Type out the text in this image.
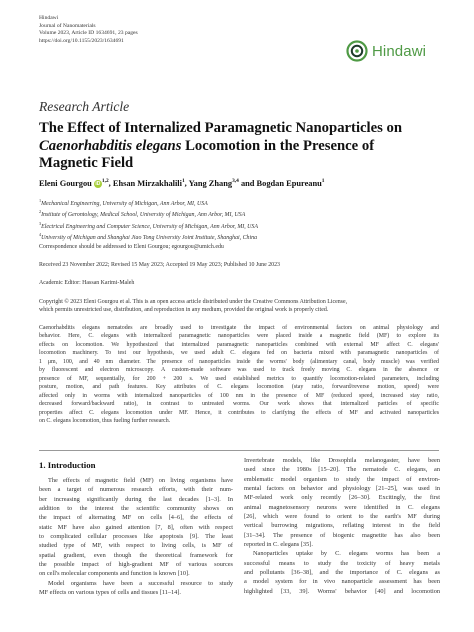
Hindawi
Journal of Nanomaterials
Volume 2023, Article ID 1634691, 23 pages
https://doi.org/10.1155/2023/1634691
Hindawi
Research Article
The Effect of Internalized Paramagnetic Nanoparticles on
Caenorhabditis elegans Locomotion in the Presence of
Magnetic Field
Eleni Gourgou iD $^{1,2}$, Ehsan Mirzakhalili$^1$, Yang Zhang$^{3,4}$ and Bogdan Epureanu$^1$
$^1$Mechanical Engineering, University of Michigan, Ann Arbor, MI, USA
$^2$Institute of Gerontology, Medical School, University of Michigan, Ann Arbor, MI, USA
$^3$Electrical Engineering and Computer Science, University of Michigan, Ann Arbor, MI, USA
$^4$University of Michigan and Shanghai Jiao Tong University Joint Institute, Shanghai, China
Correspondence should be addressed to Eleni Gourgou; egourgou@umich.edu
Received 23 November 2022; Revised 15 May 2023; Accepted 19 May 2023; Published 10 June 2023
Academic Editor: Hassan Karimi-Maleh
Copyright © 2023 Eleni Gourgou et al. This is an open access article distributed under the Creative Commons Attribution License,
which permits unrestricted use, distribution, and reproduction in any medium, provided the original work is properly cited.
Caenorhabditis elegans nematodes are broadly used to investigate the impact of environmental factors on animal physiology and
behavior. Here, C. elegans with internalized paramagnetic nanoparticles were placed inside a magnetic field (MF) to explore its
effects on locomotion. We hypothesized that internalized paramagnetic nanoparticles combined with external MF affect C. elegans'
locomotion machinery. To test our hypothesis, we used adult C. elegans fed on bacteria mixed with paramagnetic nanoparticles of
1 μm, 100, and 40 nm diameter. The presence of nanoparticles inside the worms' body (alimentary canal, body muscle) was verified
by fluorescent and electron microscopy. A custom-made software was used to track freely moving C. elegans in the absence or
presence of MF, sequentially, for 200 + 200 s. We used established metrics to quantify locomotion-related parameters, including
posture, motion, and path features. Key attributes of C. elegans locomotion (stay ratio, forward/reverse motion, speed) were
affected only in worms with internalized nanoparticles of 100 nm in the presence of MF (reduced speed, increased stay ratio,
decreased forward/backward ratio), in contrast to untreated worms. Our work shows that internalized particles of specific
properties affect C. elegans locomotion under MF. Hence, it contributes to clarifying the effects of MF and activated nanoparticles
on C. elegans locomotion, thus fueling further research.
1. Introduction
The effects of magnetic field (MF) on living organisms have
been a target of numerous research efforts, with their num-
ber increasing significantly during the last decades [1–3]. In
addition to the interest the scientific community shows on
the impact of alternating MF on cells [4–6], the effects of
static MF have also gained attention [7, 8], often with respect
to complicated cellular processes like apoptosis [9]. The least
studied type of MF, with respect to living cells, is MF of
spatial gradient, even though the theoretical framework for
the possible impact of high-gradient MF of various sources
on cell's molecular components and function is known [10].
Model organisms have been a successful resource to study
MF effects on various types of cells and tissues [11–14].
Invertebrate models, like Drosophila melanogaster, have been
used since the 1980s [15–20]. The nematode C. elegans, an
emblematic model organism to study the impact of environ-
mental factors on behavior and physiology [21–25], was used in
MF-related work only recently [26–30]. Excitingly, the first
animal magnetosensory neurons were identified in C. elegans
[26], which were found to orient to the earth's MF during
vertical burrowing migrations, reflating interest in the field
[31–34]. The presence of biogenic magnetite has also been
reported in C. elegans [35].
Nanoparticles uptake by C. elegans worms has been a
successful means to study the toxicity of heavy metals
and pollutants [36–38], and the importance of C. elegans as
a model system for in vivo nanoparticle assessment has been
highlighted [33, 39]. Worms' behavior [40] and locomotion
